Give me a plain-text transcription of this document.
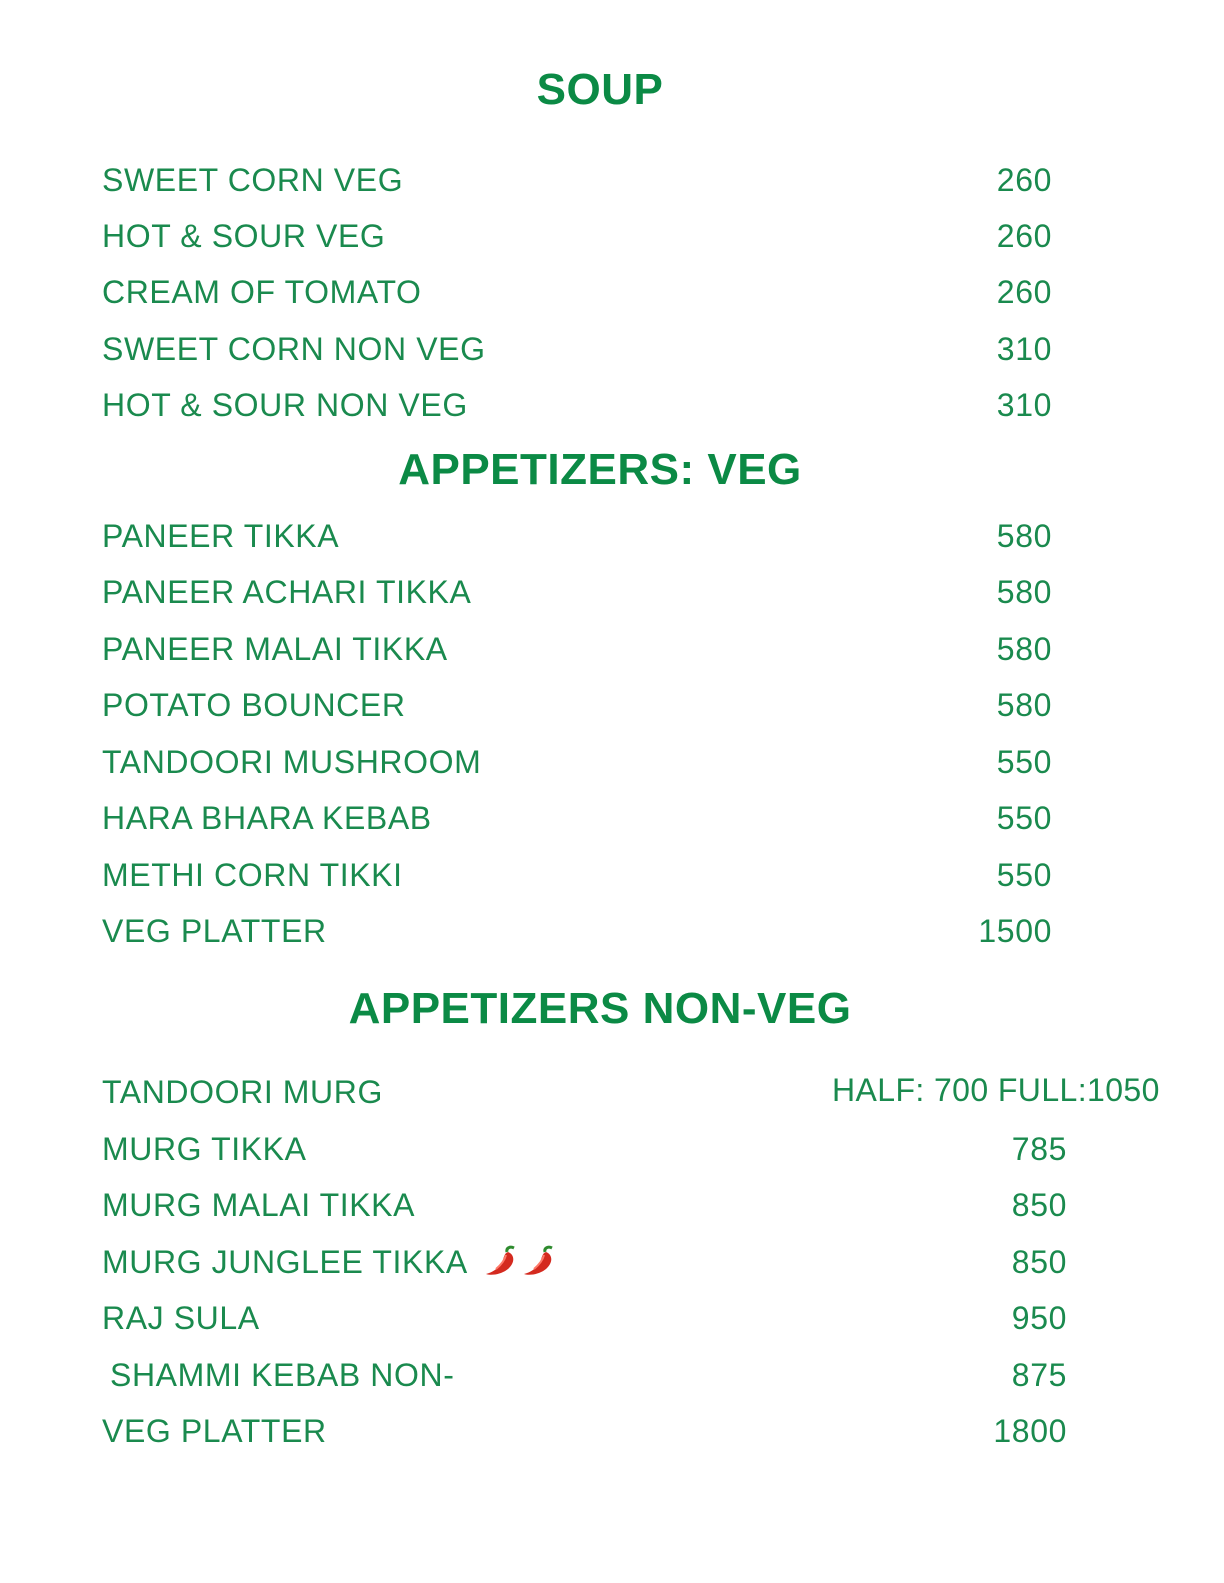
SOUP
SWEET CORN VEG	260
HOT & SOUR VEG	260
CREAM OF TOMATO	260
SWEET CORN NON VEG	310
HOT & SOUR NON VEG	310
APPETIZERS: VEG
PANEER TIKKA	580
PANEER ACHARI TIKKA	580
PANEER MALAI TIKKA	580
POTATO BOUNCER	580
TANDOORI MUSHROOM	550
HARA BHARA KEBAB	550
METHI CORN TIKKI	550
VEG PLATTER	1500
APPETIZERS NON-VEG
TANDOORI MURG	HALF: 700 FULL:1050
MURG TIKKA	785
MURG MALAI TIKKA	850
MURG JUNGLEE TIKKA	850
RAJ SULA	950
SHAMMI KEBAB NON-	875
VEG PLATTER	1800
